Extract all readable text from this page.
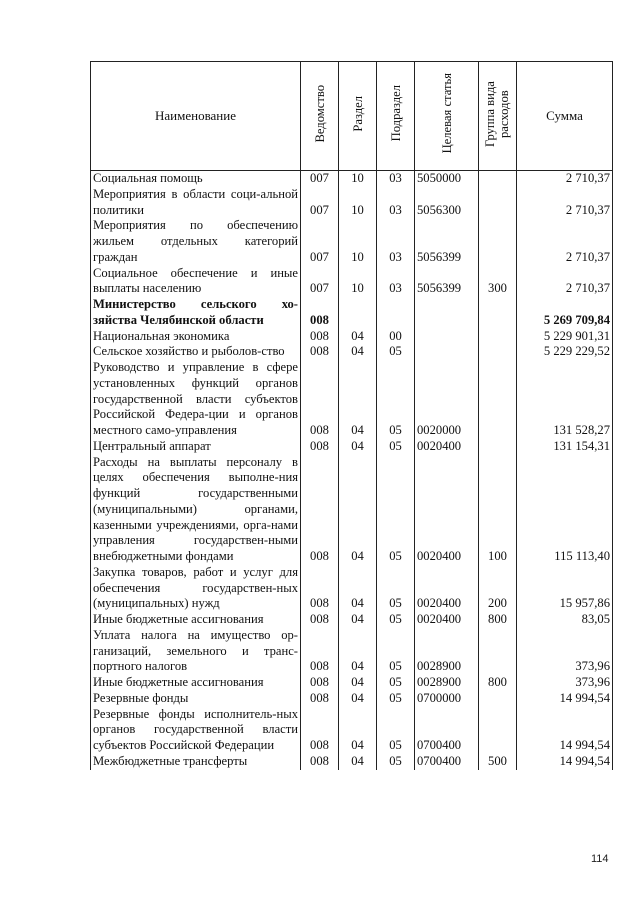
Наименование	Ведомство	Раздел	Подраздел	Целевая статья	Группа вида расходов	Сумма
Социальная помощь	007	10	03	5050000		2 710,37
Мероприятия в области соци-альной политики	007	10	03	5056300		2 710,37
Мероприятия по обеспечению жильем отдельных категорий граждан	007	10	03	5056399		2 710,37
Социальное обеспечение и иные выплаты населению	007	10	03	5056399	300	2 710,37
Министерство сельского хо-зяйства Челябинской области	008					5 269 709,84
Национальная экономика	008	04	00			5 229 901,31
Сельское хозяйство и рыболов-ство	008	04	05			5 229 229,52
Руководство и управление в сфере установленных функций органов государственной власти субъектов Российской Федера-ции и органов местного само-управления	008	04	05	0020000		131 528,27
Центральный аппарат	008	04	05	0020400		131 154,31
Расходы на выплаты персоналу в целях обеспечения выполне-ния функций государственными (муниципальными) органами, казенными учреждениями, орга-нами управления государствен-ными внебюджетными фондами	008	04	05	0020400	100	115 113,40
Закупка товаров, работ и услуг для обеспечения государствен-ных (муниципальных) нужд	008	04	05	0020400	200	15 957,86
Иные бюджетные ассигнования	008	04	05	0020400	800	83,05
Уплата налога на имущество ор-ганизаций, земельного и транс-портного налогов	008	04	05	0028900		373,96
Иные бюджетные ассигнования	008	04	05	0028900	800	373,96
Резервные фонды	008	04	05	0700000		14 994,54
Резервные фонды исполнитель-ных органов государственной власти субъектов Российской Федерации	008	04	05	0700400		14 994,54
Межбюджетные трансферты	008	04	05	0700400	500	14 994,54
114
